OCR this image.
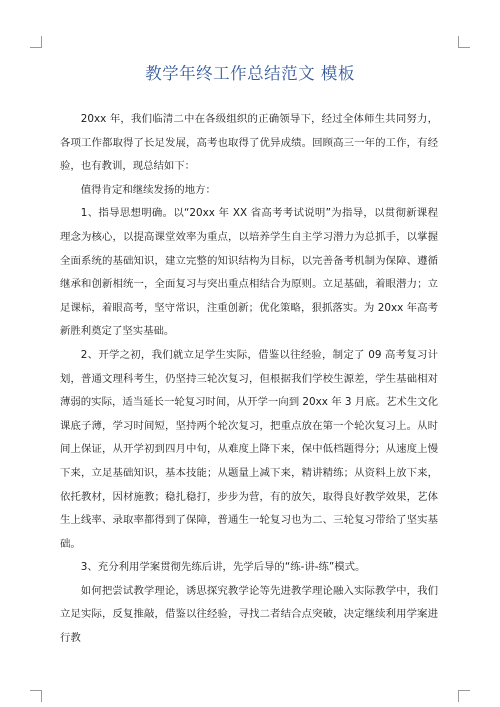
教学年终工作总结范文 模板

20xx 年，我们临清二中在各级组织的正确领导下，经过全体师生共同努力，各项工作都取得了长足发展，高考也取得了优异成绩。回顾高三一年的工作，有经验，也有教训，现总结如下：

值得肯定和继续发扬的地方：

1、指导思想明确。以“20xx 年 XX 省高考考试说明”为指导，以贯彻新课程理念为核心，以提高课堂效率为重点，以培养学生自主学习潜力为总抓手，以掌握全面系统的基础知识，建立完整的知识结构为目标，以完善备考机制为保障、遵循继承和创新相统一，全面复习与突出重点相结合为原则。立足基础，着眼潜力；立足课标，着眼高考，坚守常识，注重创新；优化策略，狠抓落实。为 20xx 年高考新胜利奠定了坚实基础。

2、开学之初，我们就立足学生实际，借鉴以往经验，制定了 09 高考复习计划，普通文理科考生，仍坚持三轮次复习，但根据我们学校生源差，学生基础相对薄弱的实际，适当延长一轮复习时间，从开学一向到 20xx 年 3 月底。艺术生文化课底子薄，学习时间短，坚持两个轮次复习，把重点放在第一个轮次复习上。从时间上保证，从开学初到四月中旬，从难度上降下来，保中低档题得分；从速度上慢下来，立足基础知识，基本技能；从题量上减下来，精讲精练；从资料上放下来，依托教材，因材施教；稳扎稳打，步步为营，有的放矢，取得良好教学效果，艺体生上线率、录取率都得到了保障，普通生一轮复习也为二、三轮复习带给了坚实基础。

3、充分利用学案贯彻先练后讲，先学后导的“练-讲-练”模式。

如何把尝试教学理论，诱思探究教学论等先进教学理论融入实际教学中，我们立足实际，反复推敲，借鉴以往经验，寻找二者结合点突破，决定继续利用学案进行教
